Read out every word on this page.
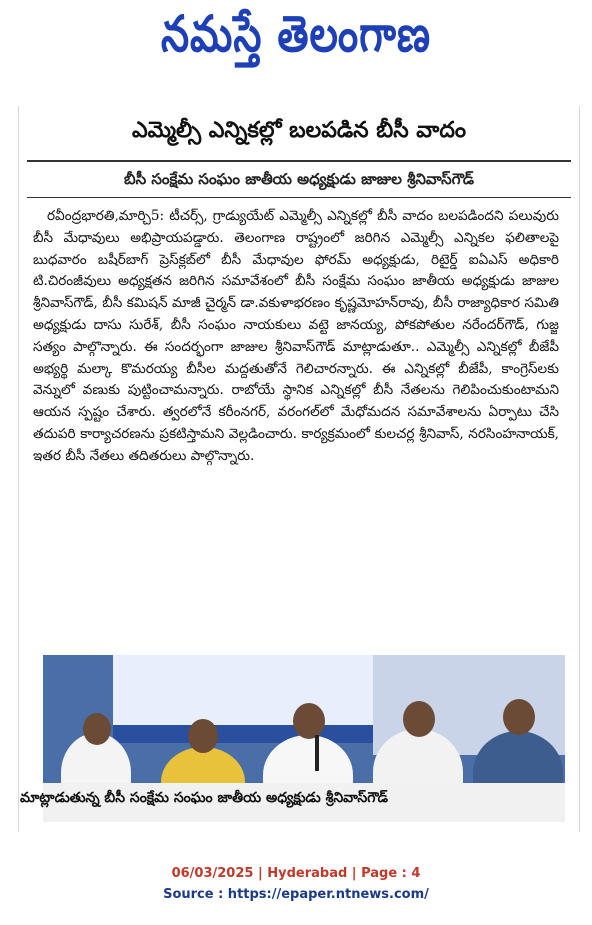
నమస్తే తెలంగాణ
ఎమ్మెల్సీ ఎన్నికల్లో బలపడిన బీసీ వాదం
బీసీ సంక్షేమ సంఘం జాతీయ అధ్యక్షుడు జాజుల శ్రీనివాస్‌గౌడ్
రవీంద్రభారతి,మార్చి5: టీచర్స్, గ్రాడ్యుయేట్ ఎమ్మెల్సీ ఎన్నికల్లో బీసీ వాదం బలపడిందని పలువురు బీసీ మేధావులు అభిప్రాయపడ్డారు. తెలంగాణ రాష్ట్రంలో జరిగిన ఎమ్మెల్సీ ఎన్నికల ఫలితాలపై బుధవారం బషీర్‌బాగ్ ప్రెస్‌క్లబ్‌లో బీసీ మేధావుల ఫోరమ్ అధ్యక్షుడు, రిటైర్డ్ ఐఏఎస్ అధికారి టి.చిరంజీవులు అధ్యక్షతన జరిగిన సమావేశంలో బీసీ సంక్షేమ సంఘం జాతీయ అధ్యక్షుడు జాజుల శ్రీనివాస్‌గౌడ్, బీసీ కమిషన్ మాజీ చైర్మన్ డా.వకుళాభరణం కృష్ణమోహన్‌రావు, బీసీ రాజ్యాధికార సమితి అధ్యక్షుడు దాసు సురేశ్, బీసీ సంఘం నాయకులు వట్టె జానయ్య, పోకపోతుల నరేందర్‌గౌడ్, గుజ్జ సత్యం పాల్గొన్నారు. ఈ సందర్భంగా జాజుల శ్రీనివాస్‌గౌడ్ మాట్లాడుతూ.. ఎమ్మెల్సీ ఎన్నికల్లో బీజేపీ అభ్యర్థి మల్కా కొమరయ్య బీసీల మద్దతుతోనే గెలిచారన్నారు. ఈ ఎన్నికల్లో బీజేపీ, కాంగ్రెస్‌లకు వెన్నులో వణుకు పుట్టించామన్నారు. రాబోయే స్థానిక ఎన్నికల్లో బీసీ నేతలను గెలిపించుకుంటామని ఆయన స్పష్టం చేశారు. త్వరలోనే కరీంనగర్, వరంగల్‌లో మేధోమదన సమావేశాలను ఏర్పాటు చేసి తదుపరి కార్యాచరణను ప్రకటిస్తామని వెల్లడించారు. కార్యక్రమంలో కులచర్ల శ్రీనివాస్, నరసింహనాయక్, ఇతర బీసీ నేతలు తదితరులు పాల్గొన్నారు.
మాట్లాడుతున్న బీసీ సంక్షేమ సంఘం జాతీయ అధ్యక్షుడు శ్రీనివాస్‌గౌడ్
06/03/2025 | Hyderabad | Page : 4
Source : https://epaper.ntnews.com/
